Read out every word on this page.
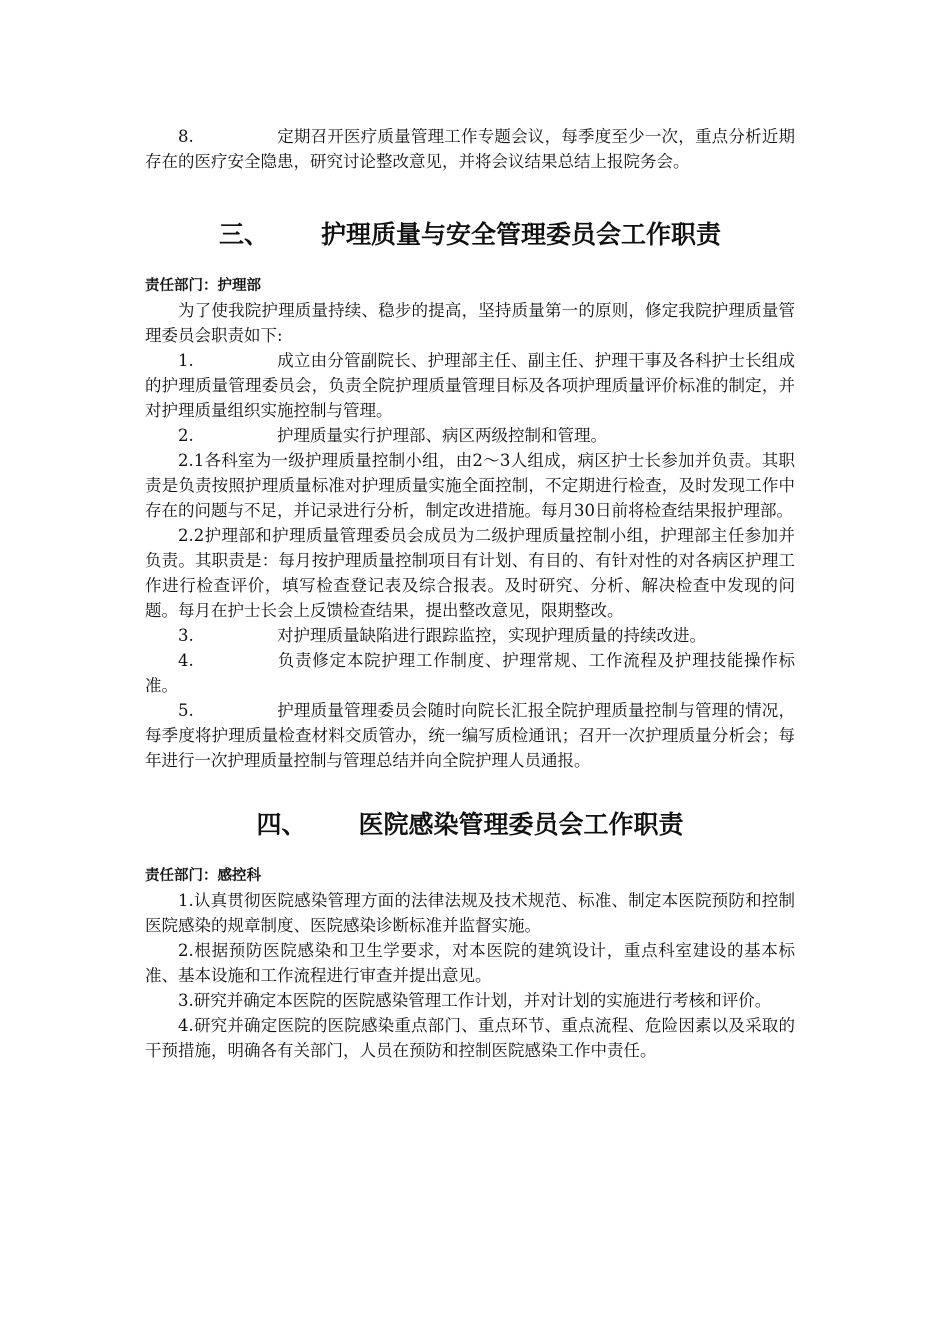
8.	定期召开医疗质量管理工作专题会议，每季度至少一次，重点分析近期存在的医疗安全隐患，研究讨论整改意见，并将会议结果总结上报院务会。

三、 护理质量与安全管理委员会工作职责

责任部门：护理部

为了使我院护理质量持续、稳步的提高，坚持质量第一的原则，修定我院护理质量管理委员会职责如下:

1.	成立由分管副院长、护理部主任、副主任、护理干事及各科护士长组成的护理质量管理委员会，负责全院护理质量管理目标及各项护理质量评价标准的制定，并对护理质量组织实施控制与管理。

2.	护理质量实行护理部、病区两级控制和管理。

2.1各科室为一级护理质量控制小组，由2～3人组成，病区护士长参加并负责。其职责是负责按照护理质量标准对护理质量实施全面控制，不定期进行检查，及时发现工作中存在的问题与不足，并记录进行分析，制定改进措施。每月30日前将检查结果报护理部。

2.2护理部和护理质量管理委员会成员为二级护理质量控制小组，护理部主任参加并负责。其职责是：每月按护理质量控制项目有计划、有目的、有针对性的对各病区护理工作进行检查评价，填写检查登记表及综合报表。及时研究、分析、解决检查中发现的问题。每月在护士长会上反馈检查结果，提出整改意见，限期整改。

3.	对护理质量缺陷进行跟踪监控，实现护理质量的持续改进。

4.	负责修定本院护理工作制度、护理常规、工作流程及护理技能操作标准。

5.	护理质量管理委员会随时向院长汇报全院护理质量控制与管理的情况，每季度将护理质量检查材料交质管办，统一编写质检通讯；召开一次护理质量分析会；每年进行一次护理质量控制与管理总结并向全院护理人员通报。

四、 医院感染管理委员会工作职责

责任部门：感控科

1.认真贯彻医院感染管理方面的法律法规及技术规范、标准、制定本医院预防和控制医院感染的规章制度、医院感染诊断标准并监督实施。

2.根据预防医院感染和卫生学要求，对本医院的建筑设计，重点科室建设的基本标准、基本设施和工作流程进行审查并提出意见。

3.研究并确定本医院的医院感染管理工作计划，并对计划的实施进行考核和评价。

4.研究并确定医院的医院感染重点部门、重点环节、重点流程、危险因素以及采取的干预措施，明确各有关部门，人员在预防和控制医院感染工作中责任。
